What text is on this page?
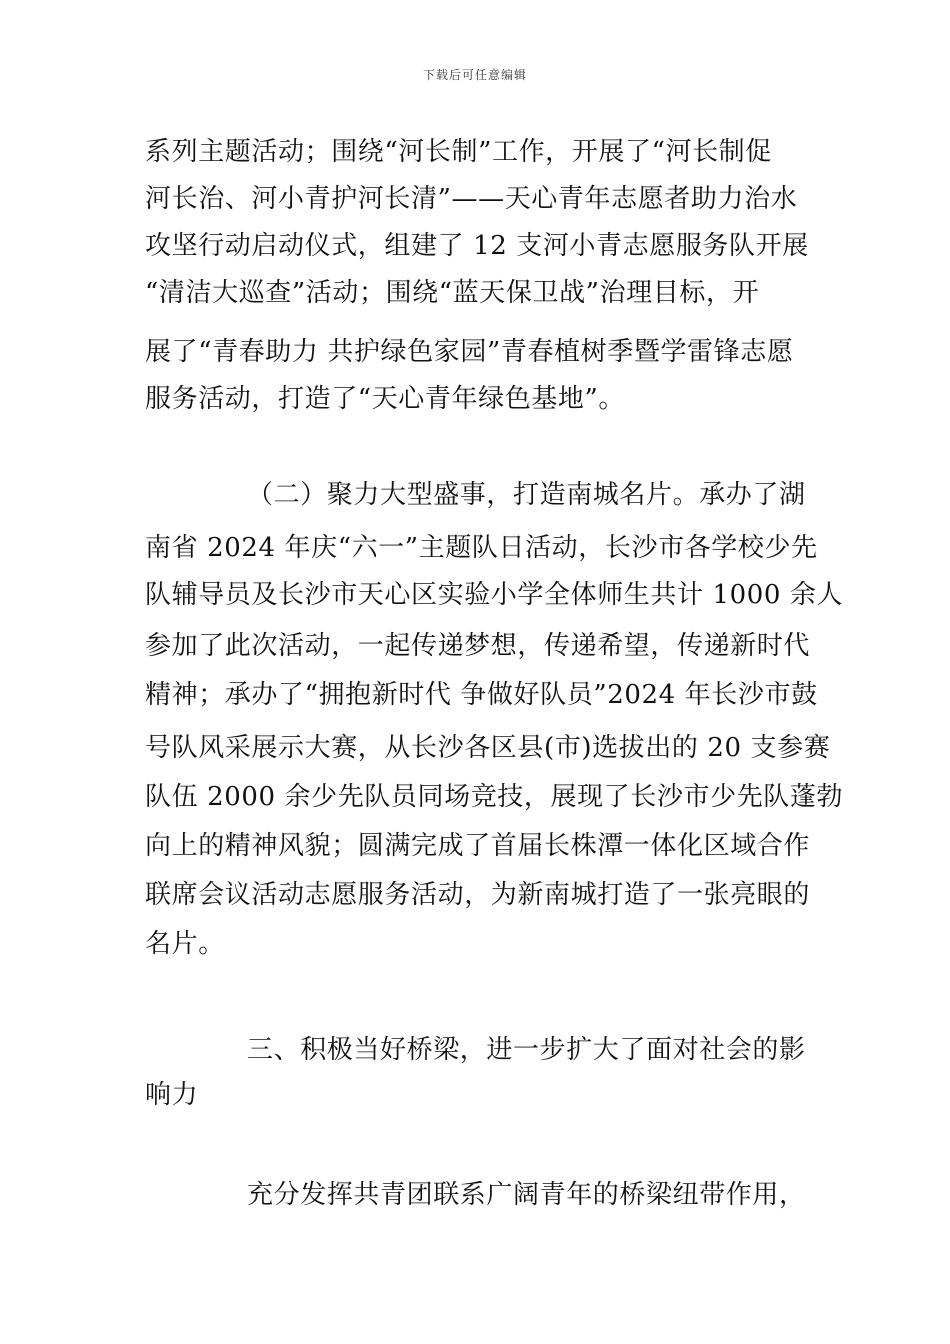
下载后可任意编辑
系列主题活动；围绕“河长制”工作，开展了“河长制促
河长治、河小青护河长清”——天心青年志愿者助力治水
攻坚行动启动仪式，组建了 12 支河小青志愿服务队开展
“清洁大巡查”活动；围绕“蓝天保卫战”治理目标，开
展了“青春助力 共护绿色家园”青春植树季暨学雷锋志愿
服务活动，打造了“天心青年绿色基地”。
（二）聚力大型盛事，打造南城名片。承办了湖
南省 2024 年庆“六一”主题队日活动，长沙市各学校少先
队辅导员及长沙市天心区实验小学全体师生共计 1000 余人
参加了此次活动，一起传递梦想，传递希望，传递新时代
精神；承办了“拥抱新时代 争做好队员”2024 年长沙市鼓
号队风采展示大赛，从长沙各区县(市)选拔出的 20 支参赛
队伍 2000 余少先队员同场竞技，展现了长沙市少先队蓬勃
向上的精神风貌；圆满完成了首届长株潭一体化区域合作
联席会议活动志愿服务活动，为新南城打造了一张亮眼的
名片。
三、积极当好桥梁，进一步扩大了面对社会的影
响力
充分发挥共青团联系广阔青年的桥梁纽带作用，
